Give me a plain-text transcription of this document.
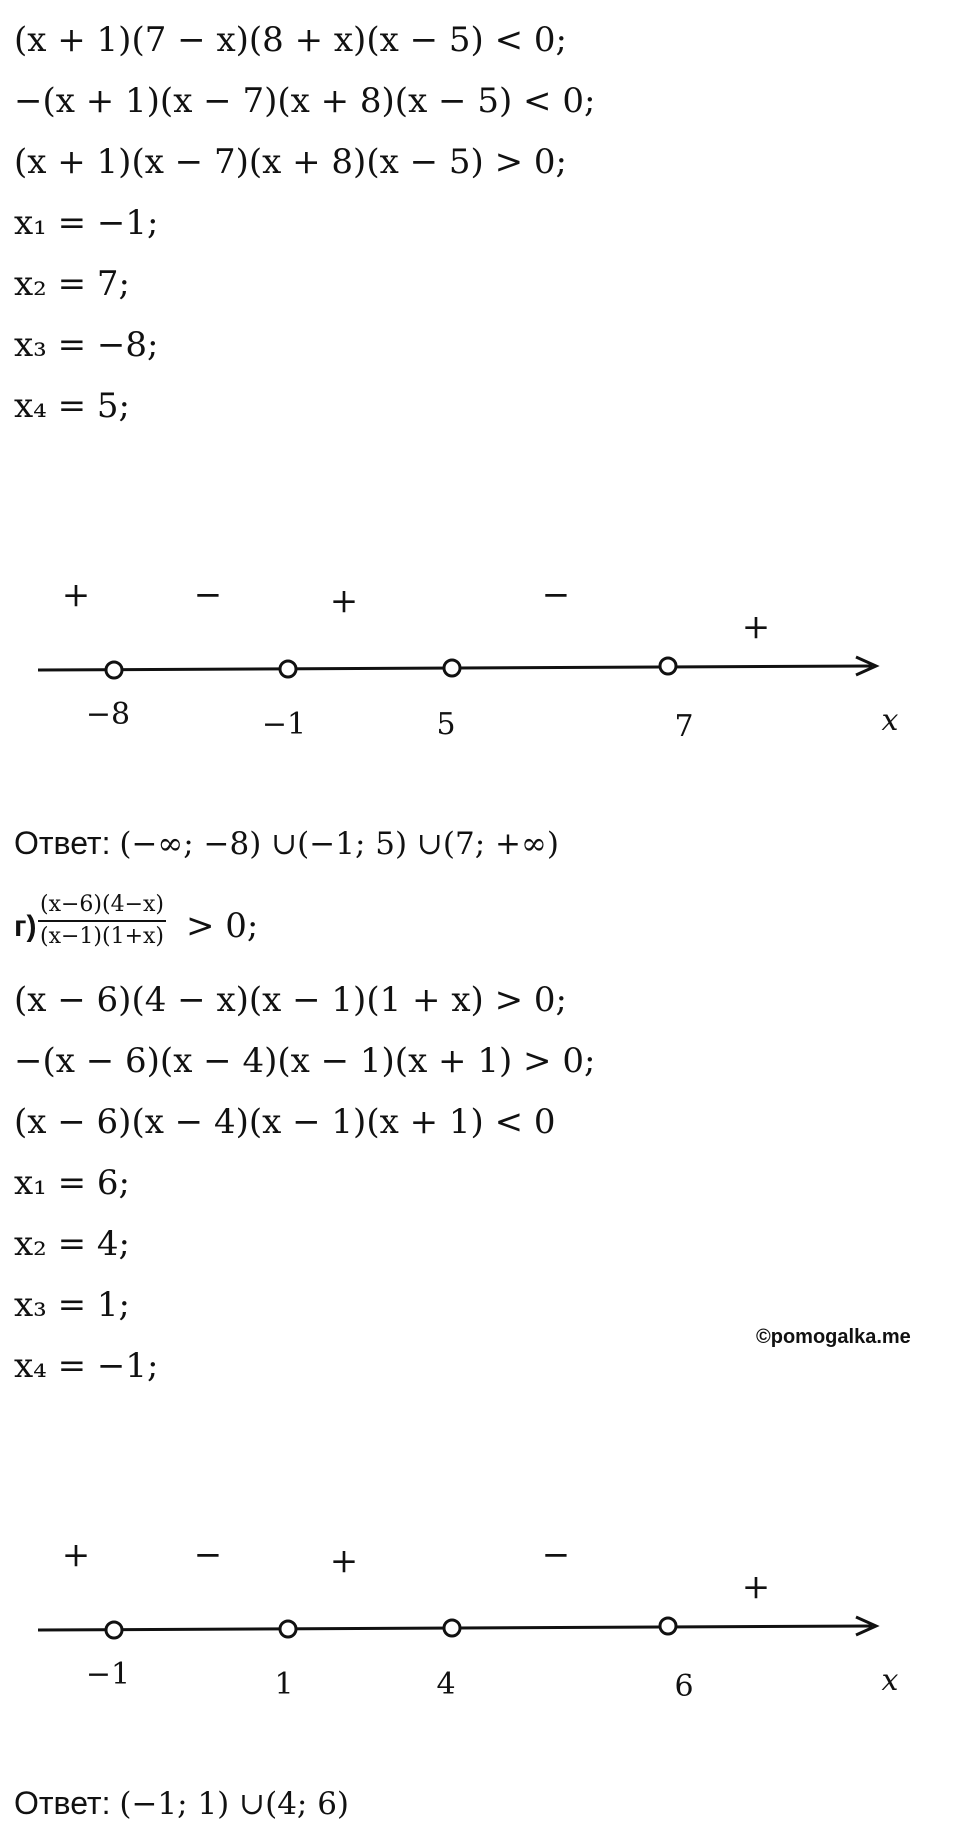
(x + 1)(7 − x)(8 + x)(x − 5) < 0;
−(x + 1)(x − 7)(x + 8)(x − 5) < 0;
(x + 1)(x − 7)(x + 8)(x − 5) > 0;
x₁ = −1;
x₂ = 7;
x₃ = −8;
x₄ = 5;
+	−	+	−
+
−8	−1	5	7	x
Ответ: (−∞; −8) ∪(−1; 5) ∪(7; +∞)
$г) \frac{(x-6)(4-x)}{(x-1)(1+x)} > 0$;
(x − 6)(4 − x)(x − 1)(1 + x) > 0;
−(x − 6)(x − 4)(x − 1)(x + 1) > 0;
(x − 6)(x − 4)(x − 1)(x + 1) < 0
x₁ = 6;
x₂ = 4;
x₃ = 1;
x₄ = −1;
©pomogalka.me
+	−	+	−
+
−1	1	4	6	x
Ответ: (−1; 1) ∪(4; 6)
